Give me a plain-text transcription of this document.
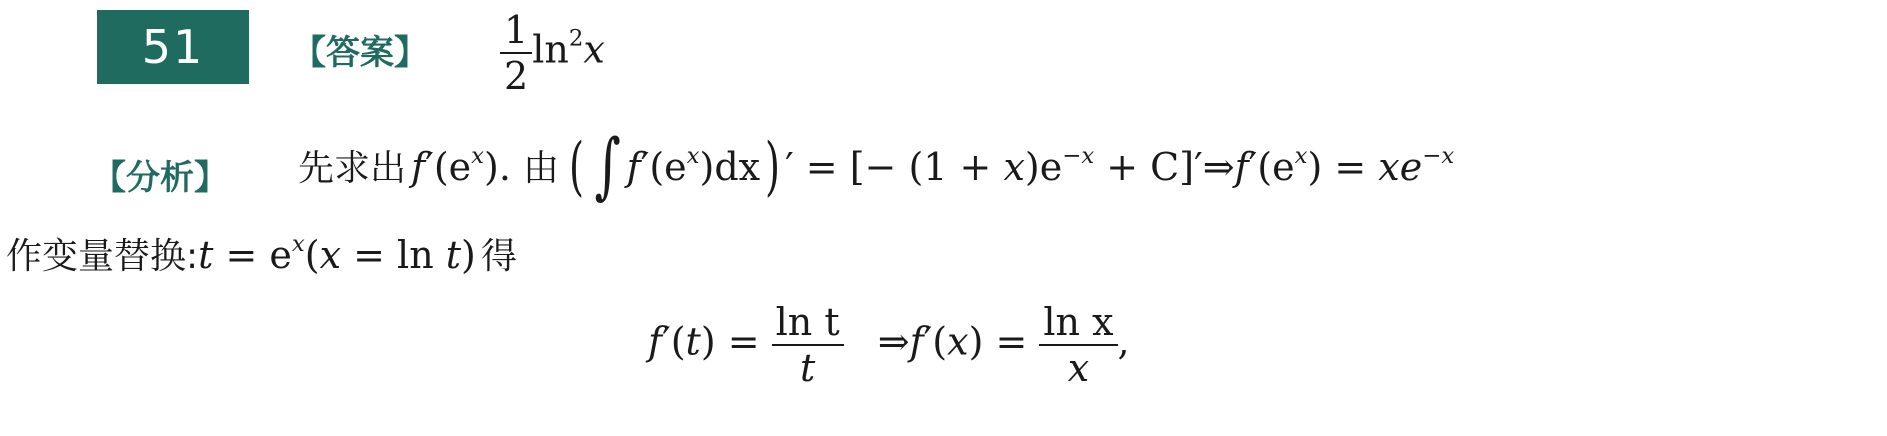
51	【答案】 $\frac{1}{2} \ln^2x$
【分析】 先求出 $f'(e^x)$. 由 ( ∫ $f'(e^x)dx$) ′ = [− $(1 + x)e^{-x}$ + $C]'\Rightarrow f'(e^x) = xe^{-x}$
作变量替换:t = $e^x(x = \ln t)$ 得
$f'(t) = \frac{\text{ln t}}{t}$ ⇒f′(x) = $\frac{\text{ln x}}{x}$ ,
